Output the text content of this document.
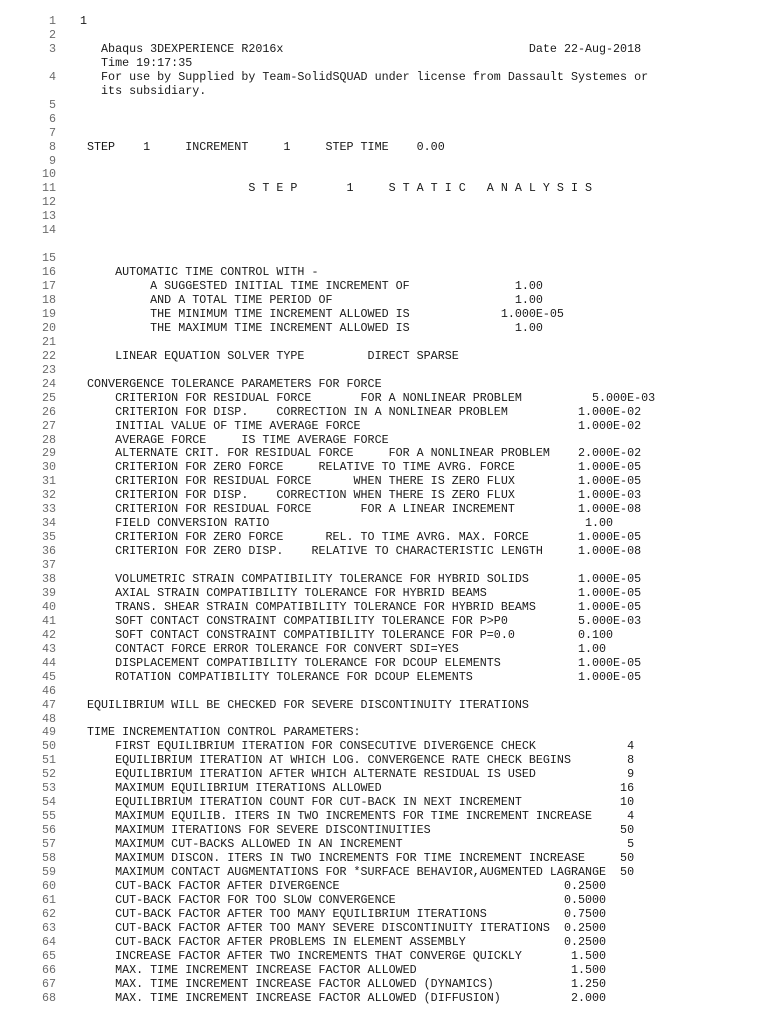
1 1
2
3 Abaqus 3DEXPERIENCE R2016x                                   Date 22-Aug-2018
Time 19:17:35
4 For use by Supplied by Team-SolidSQUAD under license from Dassault Systemes or
its subsidiary.
5
6
7
8 STEP    1     INCREMENT     1     STEP TIME    0.00
9
10
11 S T E P       1     S T A T I C   A N A L Y S I S
12
13
14
15
16 AUTOMATIC TIME CONTROL WITH -
17 A SUGGESTED INITIAL TIME INCREMENT OF               1.00
18 AND A TOTAL TIME PERIOD OF                          1.00
19 THE MINIMUM TIME INCREMENT ALLOWED IS             1.000E-05
20 THE MAXIMUM TIME INCREMENT ALLOWED IS               1.00
21
22 LINEAR EQUATION SOLVER TYPE         DIRECT SPARSE
23
24 CONVERGENCE TOLERANCE PARAMETERS FOR FORCE
25 CRITERION FOR RESIDUAL FORCE       FOR A NONLINEAR PROBLEM          5.000E-03
26 CRITERION FOR DISP.    CORRECTION IN A NONLINEAR PROBLEM          1.000E-02
27 INITIAL VALUE OF TIME AVERAGE FORCE                               1.000E-02
28 AVERAGE FORCE     IS TIME AVERAGE FORCE
29 ALTERNATE CRIT. FOR RESIDUAL FORCE     FOR A NONLINEAR PROBLEM    2.000E-02
30 CRITERION FOR ZERO FORCE     RELATIVE TO TIME AVRG. FORCE         1.000E-05
31 CRITERION FOR RESIDUAL FORCE      WHEN THERE IS ZERO FLUX         1.000E-05
32 CRITERION FOR DISP.    CORRECTION WHEN THERE IS ZERO FLUX         1.000E-03
33 CRITERION FOR RESIDUAL FORCE       FOR A LINEAR INCREMENT         1.000E-08
34 FIELD CONVERSION RATIO                                             1.00
35 CRITERION FOR ZERO FORCE      REL. TO TIME AVRG. MAX. FORCE       1.000E-05
36 CRITERION FOR ZERO DISP.    RELATIVE TO CHARACTERISTIC LENGTH     1.000E-08
37
38 VOLUMETRIC STRAIN COMPATIBILITY TOLERANCE FOR HYBRID SOLIDS       1.000E-05
39 AXIAL STRAIN COMPATIBILITY TOLERANCE FOR HYBRID BEAMS             1.000E-05
40 TRANS. SHEAR STRAIN COMPATIBILITY TOLERANCE FOR HYBRID BEAMS      1.000E-05
41 SOFT CONTACT CONSTRAINT COMPATIBILITY TOLERANCE FOR P>P0          5.000E-03
42 SOFT CONTACT CONSTRAINT COMPATIBILITY TOLERANCE FOR P=0.0         0.100
43 CONTACT FORCE ERROR TOLERANCE FOR CONVERT SDI=YES                 1.00
44 DISPLACEMENT COMPATIBILITY TOLERANCE FOR DCOUP ELEMENTS           1.000E-05
45 ROTATION COMPATIBILITY TOLERANCE FOR DCOUP ELEMENTS               1.000E-05
46
47 EQUILIBRIUM WILL BE CHECKED FOR SEVERE DISCONTINUITY ITERATIONS
48
49 TIME INCREMENTATION CONTROL PARAMETERS:
50 FIRST EQUILIBRIUM ITERATION FOR CONSECUTIVE DIVERGENCE CHECK             4
51 EQUILIBRIUM ITERATION AT WHICH LOG. CONVERGENCE RATE CHECK BEGINS        8
52 EQUILIBRIUM ITERATION AFTER WHICH ALTERNATE RESIDUAL IS USED             9
53 MAXIMUM EQUILIBRIUM ITERATIONS ALLOWED                                  16
54 EQUILIBRIUM ITERATION COUNT FOR CUT-BACK IN NEXT INCREMENT              10
55 MAXIMUM EQUILIB. ITERS IN TWO INCREMENTS FOR TIME INCREMENT INCREASE     4
56 MAXIMUM ITERATIONS FOR SEVERE DISCONTINUITIES                           50
57 MAXIMUM CUT-BACKS ALLOWED IN AN INCREMENT                                5
58 MAXIMUM DISCON. ITERS IN TWO INCREMENTS FOR TIME INCREMENT INCREASE     50
59 MAXIMUM CONTACT AUGMENTATIONS FOR *SURFACE BEHAVIOR,AUGMENTED LAGRANGE  50
60 CUT-BACK FACTOR AFTER DIVERGENCE                                0.2500
61 CUT-BACK FACTOR FOR TOO SLOW CONVERGENCE                        0.5000
62 CUT-BACK FACTOR AFTER TOO MANY EQUILIBRIUM ITERATIONS           0.7500
63 CUT-BACK FACTOR AFTER TOO MANY SEVERE DISCONTINUITY ITERATIONS  0.2500
64 CUT-BACK FACTOR AFTER PROBLEMS IN ELEMENT ASSEMBLY              0.2500
65 INCREASE FACTOR AFTER TWO INCREMENTS THAT CONVERGE QUICKLY       1.500
66 MAX. TIME INCREMENT INCREASE FACTOR ALLOWED                      1.500
67 MAX. TIME INCREMENT INCREASE FACTOR ALLOWED (DYNAMICS)           1.250
68 MAX. TIME INCREMENT INCREASE FACTOR ALLOWED (DIFFUSION)          2.000
